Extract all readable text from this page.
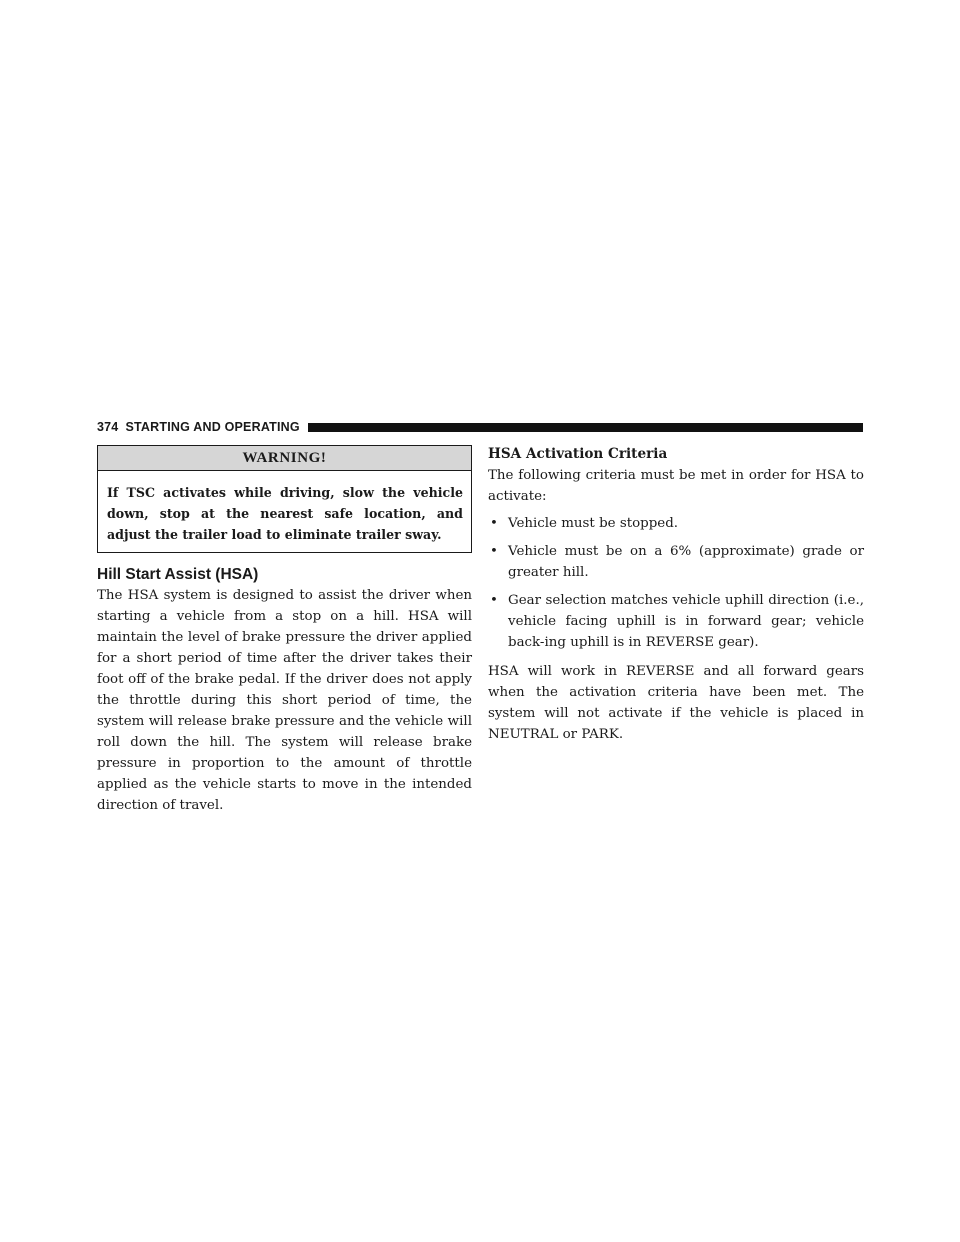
374 STARTING AND OPERATING
WARNING!
If TSC activates while driving, slow the vehicle down, stop at the nearest safe location, and adjust the trailer load to eliminate trailer sway.
Hill Start Assist (HSA)

The HSA system is designed to assist the driver when starting a vehicle from a stop on a hill. HSA will maintain the level of brake pressure the driver applied for a short period of time after the driver takes their foot off of the brake pedal. If the driver does not apply the throttle during this short period of time, the system will release brake pressure and the vehicle will roll down the hill. The system will release brake pressure in proportion to the amount of throttle applied as the vehicle starts to move in the intended direction of travel.

HSA Activation Criteria

The following criteria must be met in order for HSA to activate:

• Vehicle must be stopped.
• Vehicle must be on a 6% (approximate) grade or greater hill.
• Gear selection matches vehicle uphill direction (i.e., vehicle facing uphill is in forward gear; vehicle back-ing uphill is in REVERSE gear).

HSA will work in REVERSE and all forward gears when the activation criteria have been met. The system will not activate if the vehicle is placed in NEUTRAL or PARK.
